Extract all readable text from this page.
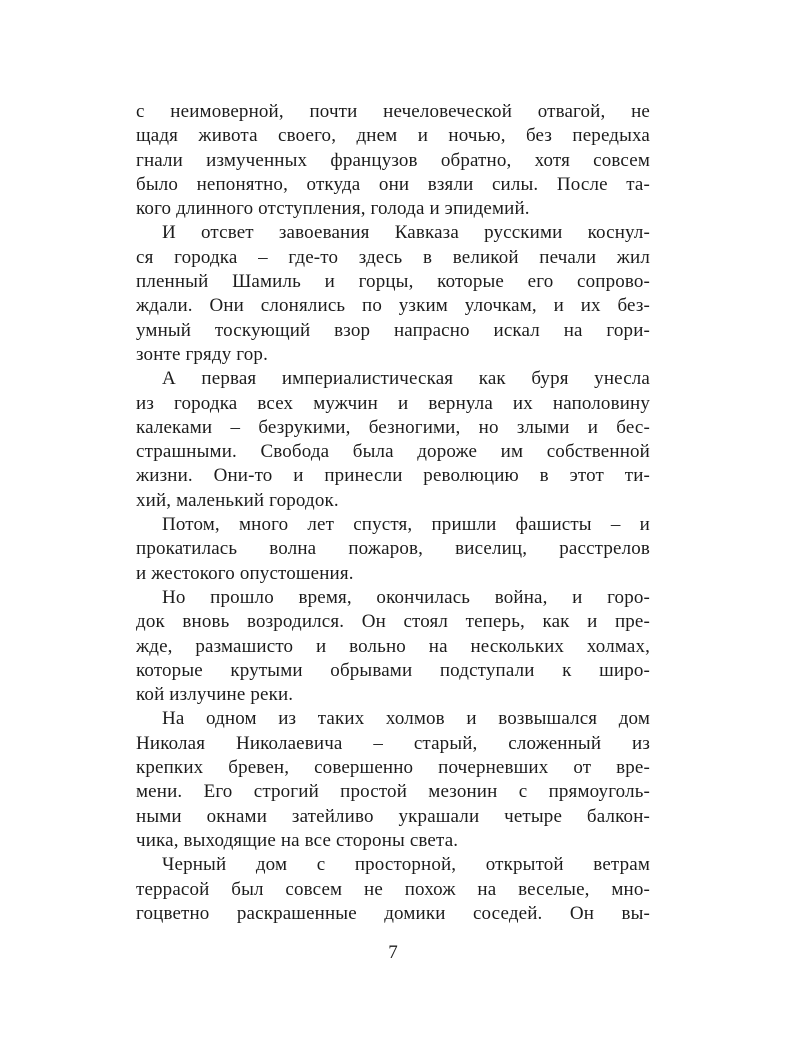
с неимоверной, почти нечеловеческой отвагой, не
щадя живота своего, днем и ночью, без передыха
гнали измученных французов обратно, хотя совсем
было непонятно, откуда они взяли силы. После та-
кого длинного отступления, голода и эпидемий.

И отсвет завоевания Кавказа русскими коснул-
ся городка – где-то здесь в великой печали жил
пленный Шамиль и горцы, которые его сопрово-
ждали. Они слонялись по узким улочкам, и их без-
умный тоскующий взор напрасно искал на гори-
зонте гряду гор.

А первая империалистическая как буря унесла
из городка всех мужчин и вернула их наполовину
калеками – безрукими, безногими, но злыми и бес-
страшными. Свобода была дороже им собственной
жизни. Они-то и принесли революцию в этот ти-
хий, маленький городок.

Потом, много лет спустя, пришли фашисты – и
прокатилась волна пожаров, виселиц, расстрелов
и жестокого опустошения.

Но прошло время, окончилась война, и горо-
док вновь возродился. Он стоял теперь, как и пре-
жде, размашисто и вольно на нескольких холмах,
которые крутыми обрывами подступали к широ-
кой излучине реки.

На одном из таких холмов и возвышался дом
Николая Николаевича – старый, сложенный из
крепких бревен, совершенно почерневших от вре-
мени. Его строгий простой мезонин с прямоуголь-
ными окнами затейливо украшали четыре балкон-
чика, выходящие на все стороны света.

Черный дом с просторной, открытой ветрам
террасой был совсем не похож на веселые, мно-
гоцветно раскрашенные домики соседей. Он вы-

7
